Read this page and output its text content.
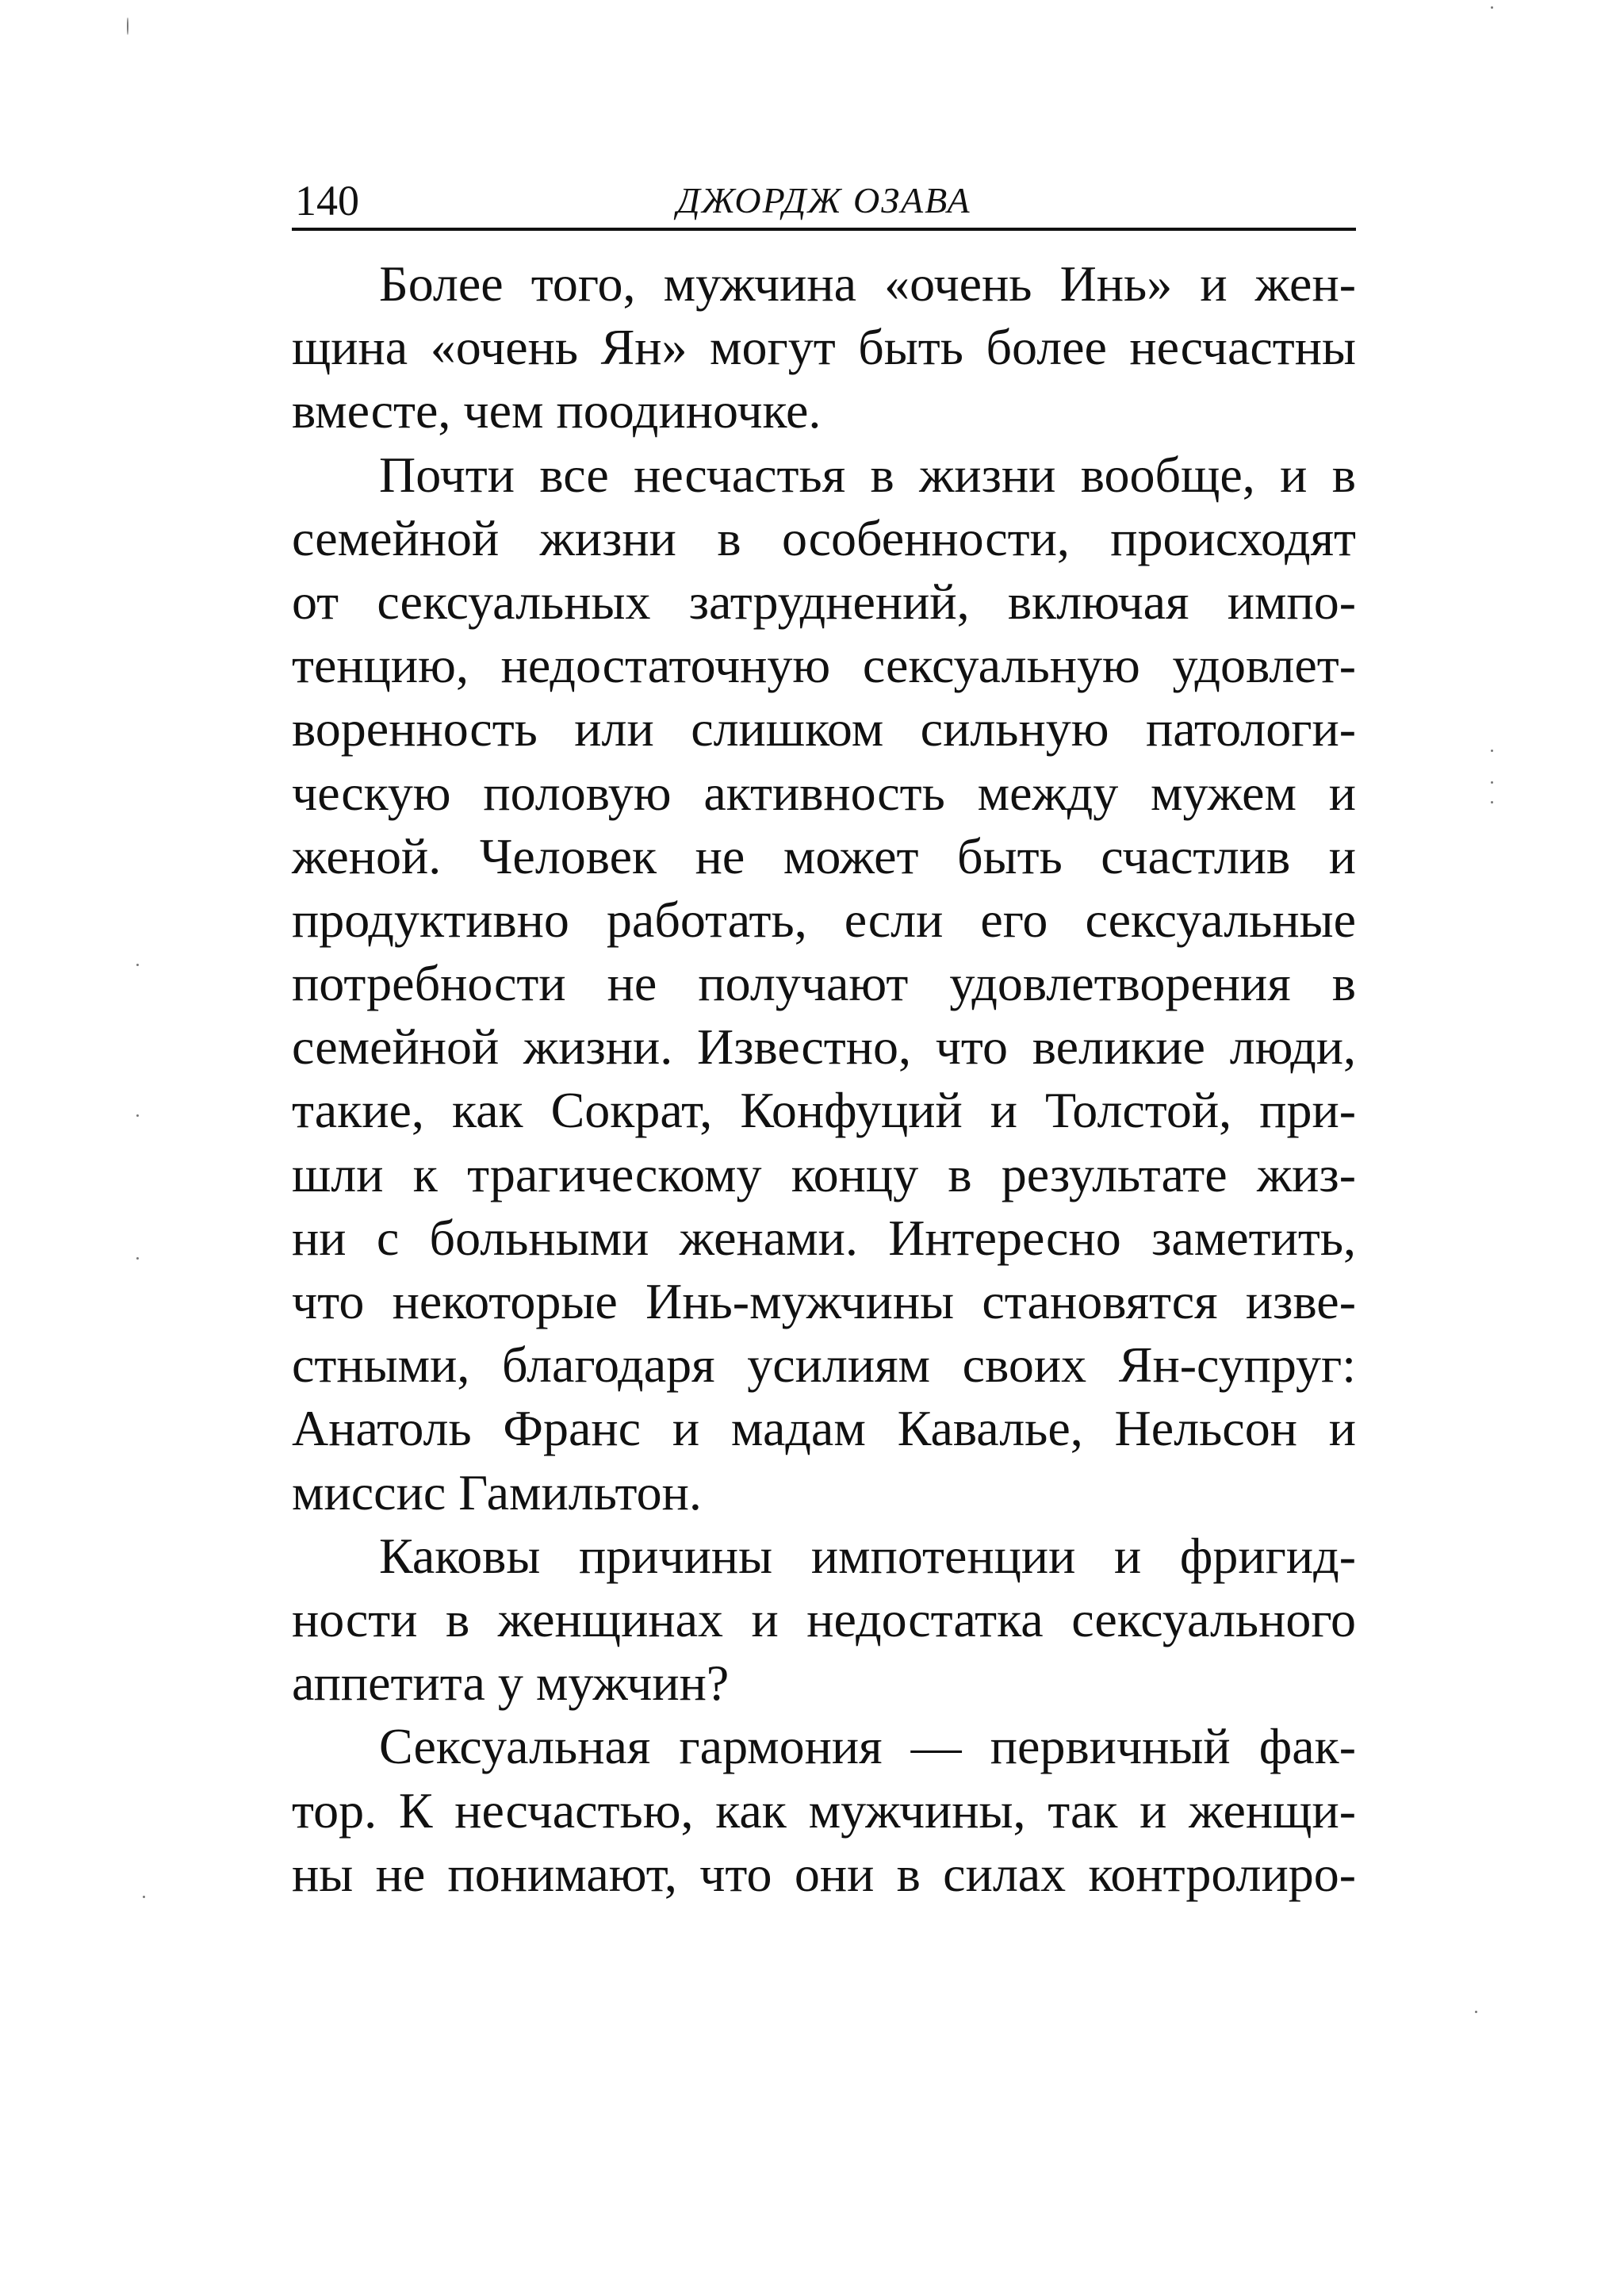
ДЖОРДЖ ОЗАВА
140
Более того, мужчина «очень Инь» и жен-
щина «очень Ян» могут быть более несчастны
вместе, чем поодиночке.
Почти все несчастья в жизни вообще, и в
семейной жизни в особенности, происходят
от сексуальных затруднений, включая импо-
тенцию, недостаточную сексуальную удовлет-
воренность или слишком сильную патологи-
ческую половую активность между мужем и
женой. Человек не может быть счастлив и
продуктивно работать, если его сексуальные
потребности не получают удовлетворения в
семейной жизни. Известно, что великие люди,
такие, как Сократ, Конфуций и Толстой, при-
шли к трагическому концу в результате жиз-
ни с больными женами. Интересно заметить,
что некоторые Инь-мужчины становятся изве-
стными, благодаря усилиям своих Ян-супруг:
Анатоль Франс и мадам Кавалье, Нельсон и
миссис Гамильтон.
Каковы причины импотенции и фригид-
ности в женщинах и недостатка сексуального
аппетита у мужчин?
Сексуальная гармония — первичный фак-
тор. К несчастью, как мужчины, так и женщи-
ны не понимают, что они в силах контролиро-
